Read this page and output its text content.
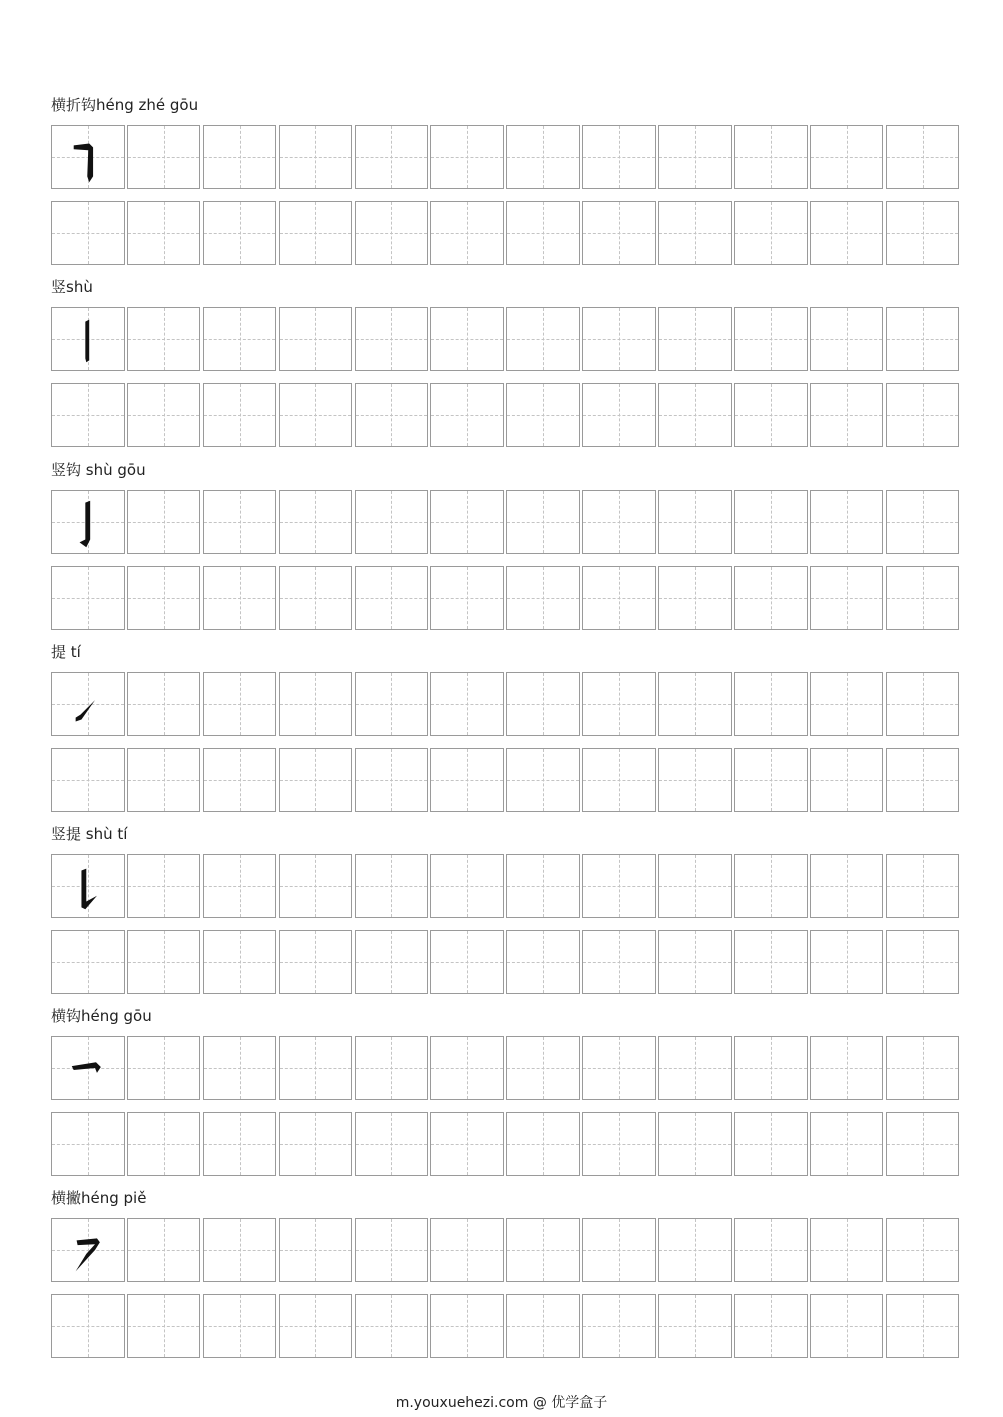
横折钩héng zhé gōu
竖shù
竖钩 shù gōu
提 tí
竖提 shù tí
横钩héng gōu
横撇héng piě
m.youxuehezi.com @ 优学盒子
